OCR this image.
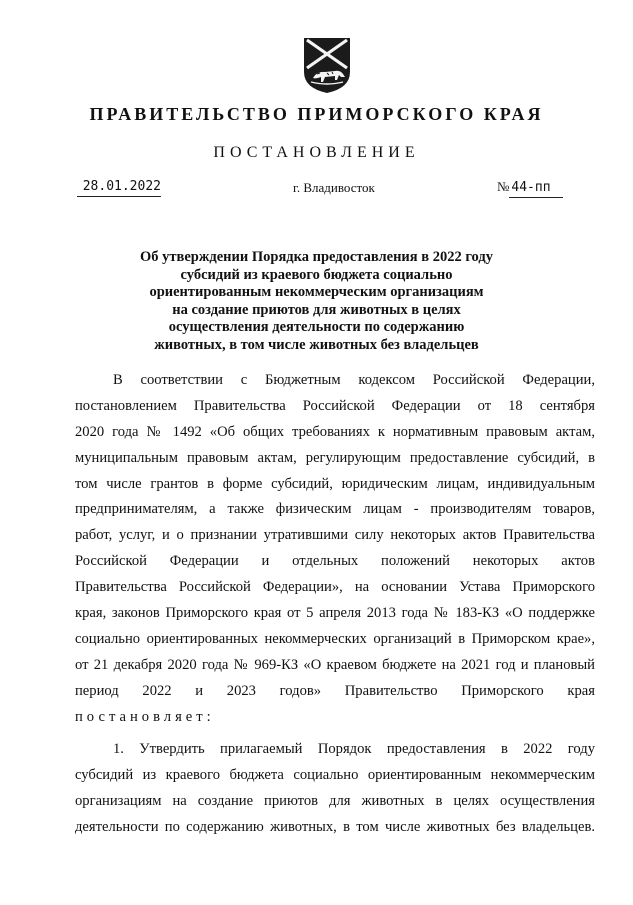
ПРАВИТЕЛЬСТВО ПРИМОРСКОГО КРАЯ
ПОСТАНОВЛЕНИЕ
28.01.2022	г. Владивосток	№ 44-пп
Об утверждении Порядка предоставления в 2022 году
субсидий из краевого бюджета социально
ориентированным некоммерческим организациям
на создание приютов для животных в целях
осуществления деятельности по содержанию
животных, в том числе животных без владельцев
В соответствии с Бюджетным кодексом Российской Федерации,
постановлением Правительства Российской Федерации от 18 сентября
2020 года № 1492 «Об общих требованиях к нормативным правовым актам,
муниципальным правовым актам, регулирующим предоставление субсидий, в
том числе грантов в форме субсидий, юридическим лицам, индивидуальным
предпринимателям, а также физическим лицам - производителям товаров,
работ, услуг, и о признании утратившими силу некоторых актов Правительства
Российской Федерации и отдельных положений некоторых актов
Правительства Российской Федерации», на основании Устава Приморского
края, законов Приморского края от 5 апреля 2013 года № 183-КЗ «О поддержке
социально ориентированных некоммерческих организаций в Приморском крае»,
от 21 декабря 2020 года № 969-КЗ «О краевом бюджете на 2021 год и плановый
период 2022 и 2023 годов» Правительство Приморского края
постановляет:
1. Утвердить прилагаемый Порядок предоставления в 2022 году
субсидий из краевого бюджета социально ориентированным некоммерческим
организациям на создание приютов для животных в целях осуществления
деятельности по содержанию животных, в том числе животных без владельцев.
